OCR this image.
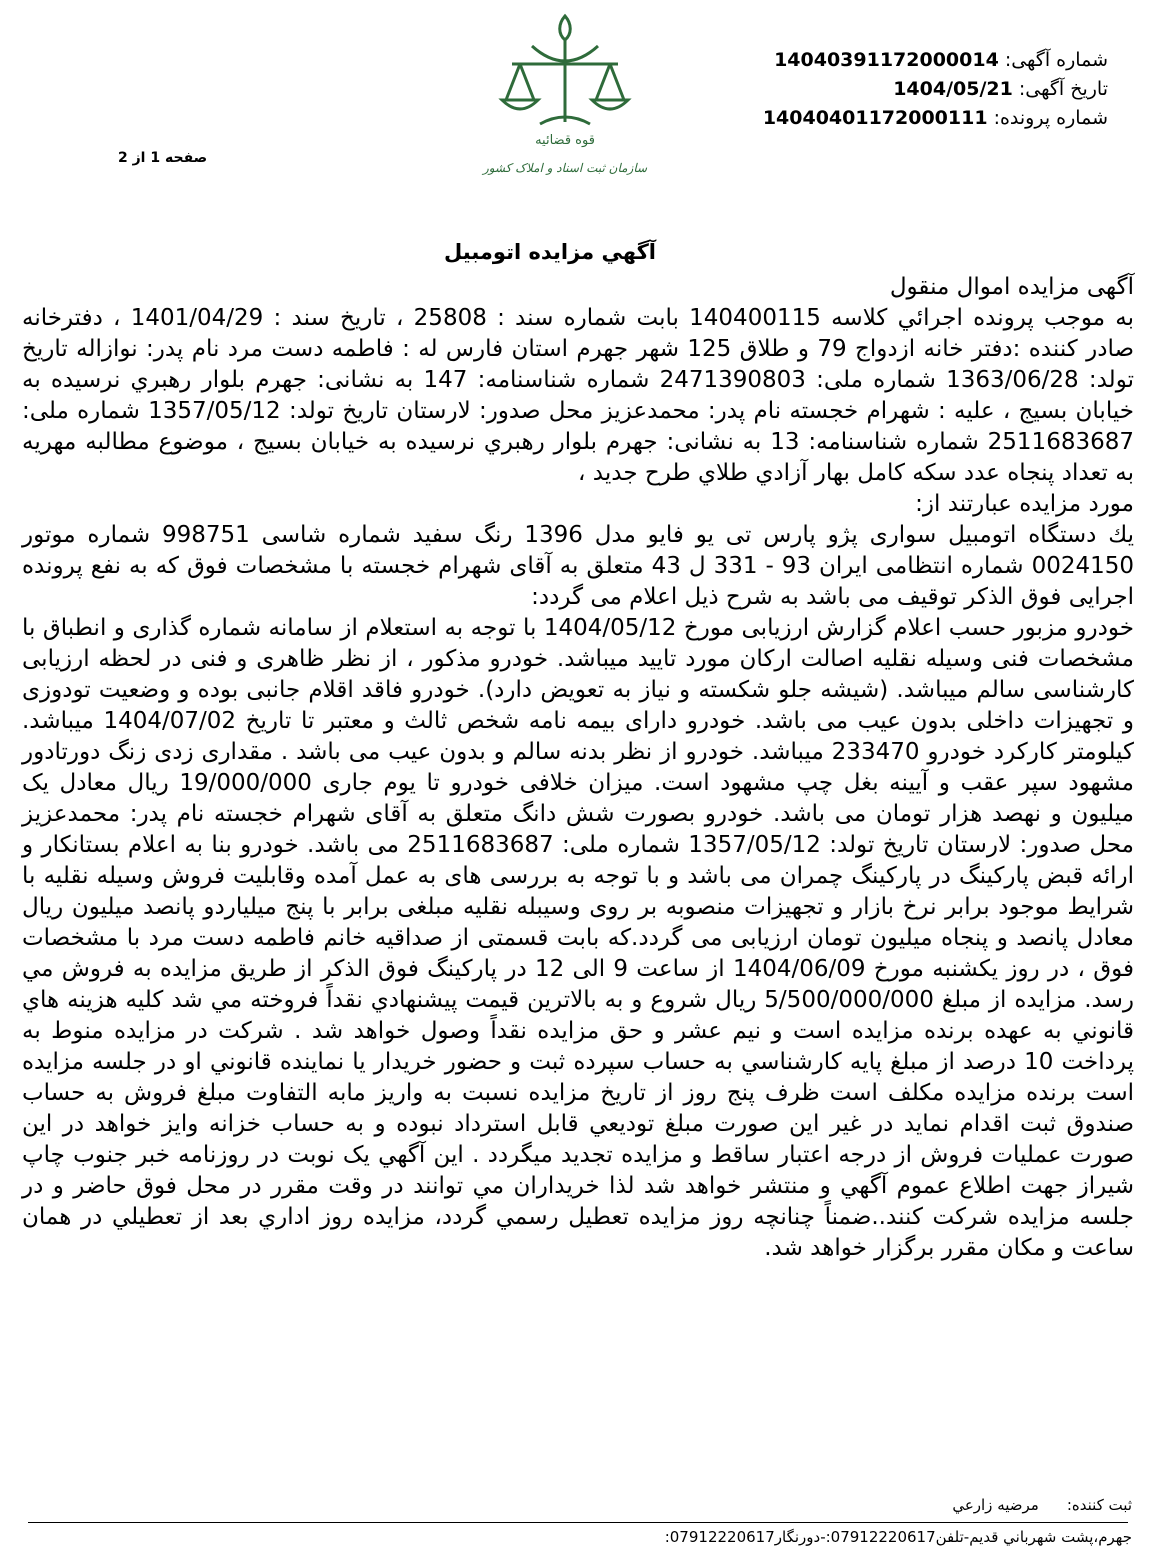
قوه قضائیه
سازمان ثبت اسناد و املاک کشور
شماره آگهی:14040391172000014
تاریخ آگهی:1404/05/21
شماره پرونده:14040401172000111
صفحه 1 از 2
آگهي مزايده اتومبيل

آگهی مزایده اموال منقول

به موجب پرونده اجرائي کلاسه 140400115 بابت شماره سند : 25808 ، تاریخ سند : 1401/04/29 ، دفترخانه صادر کننده :دفتر خانه ازدواج 79 و طلاق 125 شهر جهرم استان فارس له : فاطمه دست مرد نام پدر: نوازاله تاریخ تولد: 1363/06/28 شماره ملی: 2471390803 شماره شناسنامه: 147 به نشانی: جهرم بلوار رهبري نرسيده به خيابان بسيج ، علیه : شهرام خجسته نام پدر: محمدعزيز محل صدور: لارستان تاریخ تولد: 1357/05/12 شماره ملی: 2511683687 شماره شناسنامه: 13 به نشانی: جهرم بلوار رهبري نرسيده به خيابان بسيج ، موضوع مطالبه مهريه به تعداد پنجاه عدد سكه كامل بهار آزادي طلاي طرح جديد ،

مورد مزایده عبارتند از:

يك دستگاه اتومبيل سواری پژو پارس تی يو فايو مدل 1396 رنگ سفيد شماره شاسی 998751 شماره موتور 0024150 شماره انتظامی ايران 93 - 331 ل 43 متعلق به آقای شهرام خجسته با مشخصات فوق كه به نفع پرونده اجرایی فوق الذکر توقیف می باشد به شرح ذيل اعلام می گردد:

خودرو مزبور حسب اعلام گزارش ارزيابی مورخ 1404/05/12 با توجه به استعلام از سامانه شماره گذاری و انطباق با مشخصات فنی وسيله نقليه اصالت اركان مورد تاييد ميباشد. خودرو مذكور ، از نظر ظاهری و فنی در لحظه ارزيابی كارشناسی سالم ميباشد. (شيشه جلو شكسته و نياز به تعويض دارد). خودرو فاقد اقلام جانبی بوده و وضعيت تودوزی و تجهيزات داخلی بدون عيب می باشد. خودرو دارای بيمه نامه شخص ثالث و معتبر تا تاريخ 1404/07/02 ميباشد. كيلومتر كاركرد خودرو 233470 ميباشد. خودرو از نظر بدنه سالم و بدون عيب می باشد . مقداری زدی زنگ دورتادور مشهود سپر عقب و آيينه بغل چپ مشهود است. ميزان خلافی خودرو تا يوم جاری 19/000/000 ريال معادل يک ميليون و نهصد هزار تومان می باشد. خودرو بصورت شش دانگ متعلق به آقای شهرام خجسته نام پدر: محمدعزيز محل صدور: لارستان تاريخ تولد: 1357/05/12 شماره ملی: 2511683687 می باشد. خودرو بنا به اعلام بستانكار و ارائه قبض پاركينگ در پاركينگ چمران می باشد و با توجه به بررسی های به عمل آمده وقابليت فروش وسيله نقليه با شرايط موجود برابر نرخ بازار و تجهيزات منصوبه بر روی وسيبله نقليه مبلغی برابر با پنج ميلياردو پانصد ميليون ريال معادل پانصد و پنجاه ميليون تومان ارزيابی می گردد.كه بابت قسمتی از صداقيه خانم فاطمه دست مرد با مشخصات فوق ، در روز يكشنبه مورخ 1404/06/09 از ساعت 9 الی 12 در پاركينگ فوق الذكر از طريق مزايده به فروش مي رسد. مزايده از مبلغ 5/500/000/000 ريال شروع و به بالاترين قيمت پيشنهادي نقداً فروخته مي شد كليه هزينه هاي قانوني به عهده برنده مزايده است و نيم عشر و حق مزايده نقداً وصول خواهد شد . شركت در مزايده منوط به پرداخت 10 درصد از مبلغ پايه كارشناسي به حساب سپرده ثبت و حضور خريدار يا نماينده قانوني او در جلسه مزايده است برنده مزايده مكلف است ظرف پنج روز از تاريخ مزايده نسبت به واريز مابه التفاوت مبلغ فروش به حساب صندوق ثبت اقدام نمايد در غير اين صورت مبلغ توديعي قابل استرداد نبوده و به حساب خزانه وايز خواهد در اين صورت عمليات فروش از درجه اعتبار ساقط و مزايده تجديد ميگردد . اين آگهي يک نوبت در روزنامه خبر جنوب چاپ شيراز جهت اطلاع عموم آگهي و منتشر خواهد شد لذا خريداران مي توانند در وقت مقرر در محل فوق حاضر و در جلسه مزايده شركت كنند..ضمناً چنانچه روز مزايده تعطيل رسمي گردد، مزايده روز اداري بعد از تعطيلي در همان ساعت و مكان مقرر برگزار خواهد شد.

ثبت كننده:مرضيه زارعي
جهرم،پشت شهرباني قديم-تلفن07912220617:-دورنگار07912220617:
